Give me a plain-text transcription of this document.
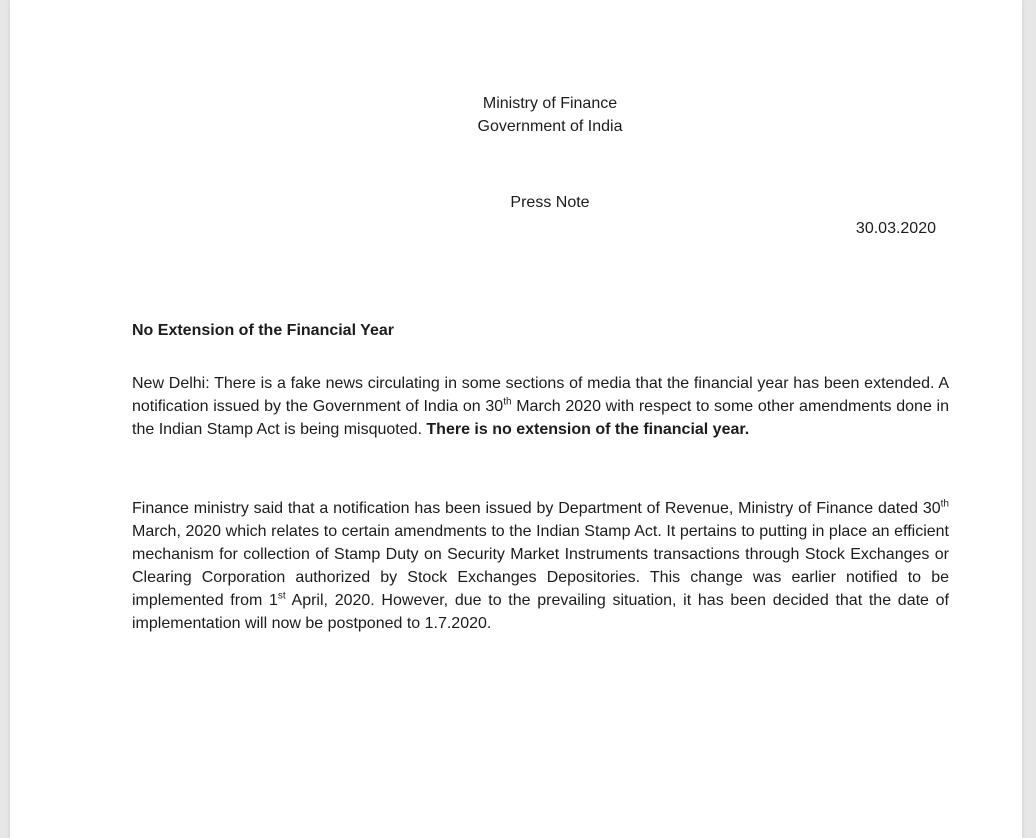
Ministry of Finance
Government of India
Press Note
30.03.2020
No Extension of the Financial Year

New Delhi: There is a fake news circulating in some sections of media that the financial year has been extended. A notification issued by the Government of India on 30th March 2020 with respect to some other amendments done in the Indian Stamp Act is being misquoted. There is no extension of the financial year.

Finance ministry said that a notification has been issued by Department of Revenue, Ministry of Finance dated 30th March, 2020 which relates to certain amendments to the Indian Stamp Act. It pertains to putting in place an efficient mechanism for collection of Stamp Duty on Security Market Instruments transactions through Stock Exchanges or Clearing Corporation authorized by Stock Exchanges Depositories. This change was earlier notified to be implemented from 1st April, 2020. However, due to the prevailing situation, it has been decided that the date of implementation will now be postponed to 1.7.2020.
